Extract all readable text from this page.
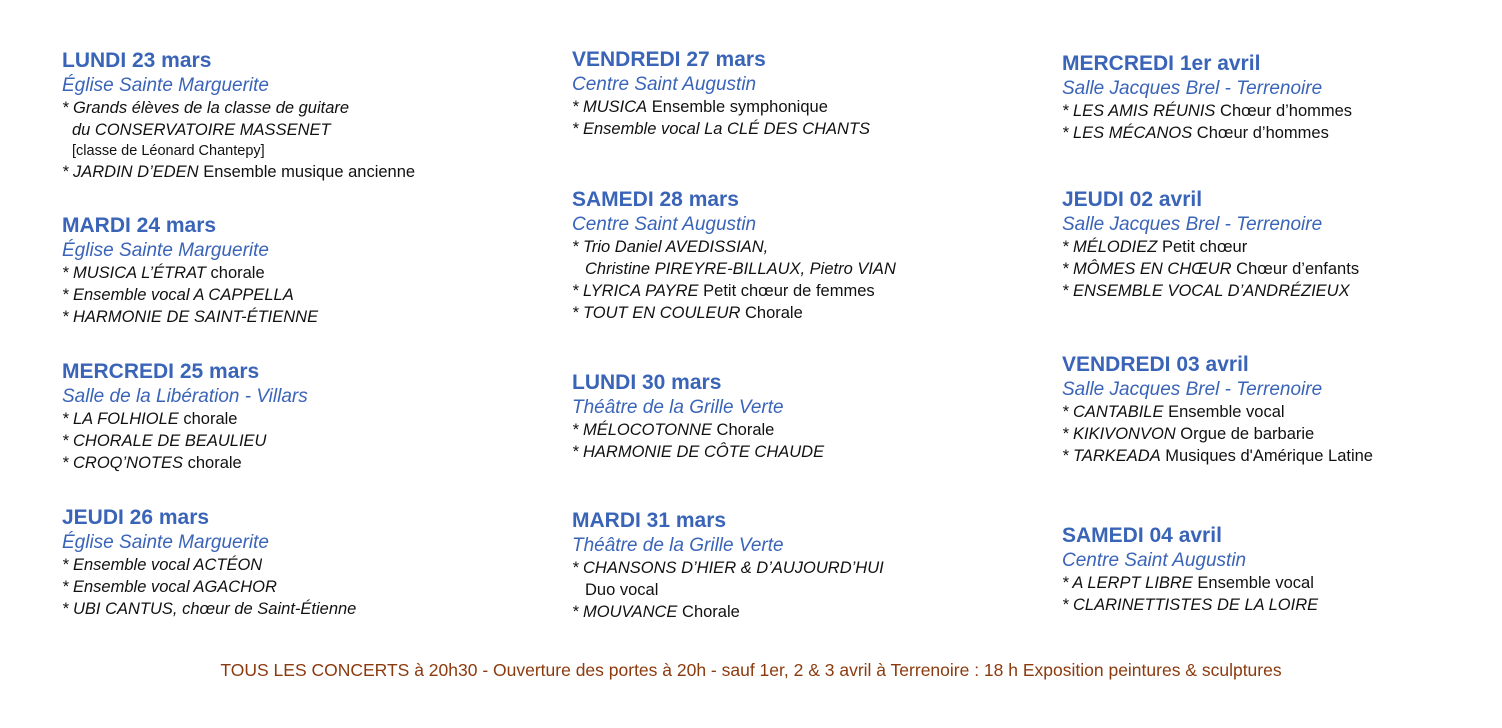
LUNDI 23 mars
Église Sainte Marguerite
* Grands élèves de la classe de guitare
du CONSERVATOIRE MASSENET
[classe de Léonard Chantepy]
* JARDIN D’EDEN Ensemble musique ancienne
MARDI 24 mars
Église Sainte Marguerite
* MUSICA L’ÉTRAT chorale
* Ensemble vocal A CAPPELLA
* HARMONIE DE SAINT-ÉTIENNE
MERCREDI 25 mars
Salle de la Libération - Villars
* LA FOLHIOLE chorale
* CHORALE DE BEAULIEU
* CROQ’NOTES chorale
JEUDI 26 mars
Église Sainte Marguerite
* Ensemble vocal ACTÉON
* Ensemble vocal AGACHOR
* UBI CANTUS, chœur de Saint-Étienne
VENDREDI 27 mars
Centre Saint Augustin
* MUSICA Ensemble symphonique
* Ensemble vocal La CLÉ DES CHANTS
SAMEDI 28 mars
Centre Saint Augustin
* Trio Daniel AVEDISSIAN,
Christine PIREYRE-BILLAUX, Pietro VIAN
* LYRICA PAYRE Petit chœur de femmes
* TOUT EN COULEUR Chorale
LUNDI 30 mars
Théâtre de la Grille Verte
* MÉLOCOTONNE Chorale
* HARMONIE DE CÔTE CHAUDE
MARDI 31 mars
Théâtre de la Grille Verte
* CHANSONS D’HIER & D’AUJOURD’HUI
Duo vocal
* MOUVANCE Chorale
MERCREDI 1er avril
Salle Jacques Brel - Terrenoire
* LES AMIS RÉUNIS Chœur d’hommes
* LES MÉCANOS Chœur d’hommes
JEUDI 02 avril
Salle Jacques Brel - Terrenoire
* MÉLODIEZ Petit chœur
* MÔMES EN CHŒUR Chœur d’enfants
* ENSEMBLE VOCAL D’ANDRÉZIEUX
VENDREDI 03 avril
Salle Jacques Brel - Terrenoire
* CANTABILE Ensemble vocal
* KIKIVONVON Orgue de barbarie
* TARKEADA Musiques d'Amérique Latine
SAMEDI 04 avril
Centre Saint Augustin
* A LERPT LIBRE Ensemble vocal
* CLARINETTISTES DE LA LOIRE
TOUS LES CONCERTS à 20h30 - Ouverture des portes à 20h - sauf 1er, 2 & 3 avril à Terrenoire : 18 h Exposition peintures & sculptures
